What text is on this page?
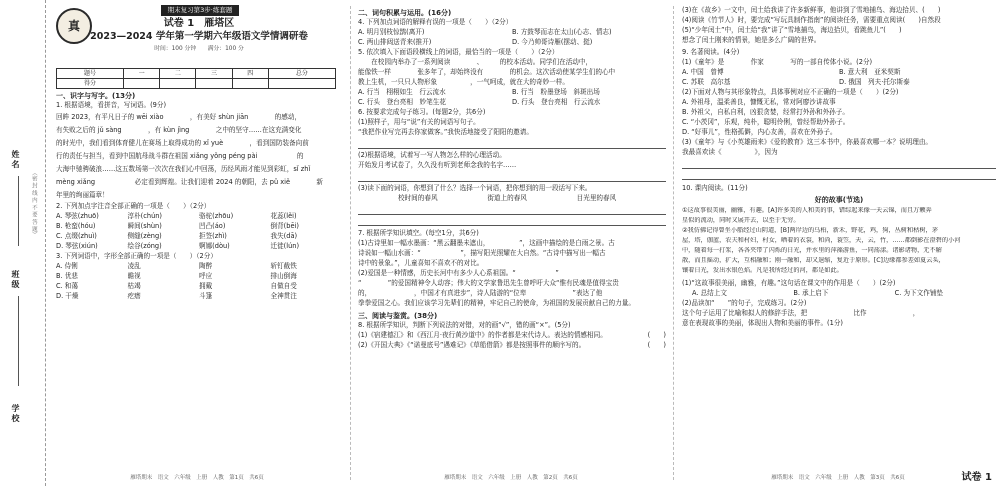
姓名
班级
学校
（密 封 线 内 不 要 答 题）
真
期末复习第3步·练套题
试卷 1　雁塔区
2023—2024 学年第一学期六年级语文学情调研卷
时间：100 分钟　　满分：100 分
题号	一	二	三	四	总分
得分					
一、识字与写字。(13分)
1. 根据语境，看拼音，写词语。(9分)
回眸 2023，有平凡日子的 wēi xiào　　　　，有美好 shùn jiān　　　　的感动，
有失败之后的 jǔ sàng　　　　，有 kùn jìng　　　　之中的坚守……在这充满变化
的时光中，我们看到体育健儿在赛场上取得成功的 xǐ yuè　　　　，看到国防装备向前
行的责任与担当，看到中国航母战斗群在祖国 xiǎng yǒng péng pài　　　　　　的
大海中驰骋破浪……这五数场第一次次在我们心中回荡，历经风雨才能见到彩虹，sǐ zhǐ
mèng xiǎng　　　　　　必定看到辉煌。让我们迎着 2024 的朝阳，去 pǔ xiě　　　　新
年里的绚丽篇章！
2. 下列加点字注音全部正确的一项是（　　）（2分）
A. 琴弦(zhuō)	淳朴(chún)	骆驼(zhōu)	花蕊(lěi)
B. 枪蛮(hóu)	瞬间(shùn)	凹凸(áo)	倒背(bēi)
C. 点缀(zhuì)	侧缝(zèng)	拒签(zhì)	我失(dā)
D. 琴弦(xiún)	绘谷(zóng)	婀娜(dòu)	迁徙(lún)
3. 下列词语中，字形全部正确的一项是（　　）（2分）
A. 侍俐	凌乱	陶醉	斩钉截铁
B. 优悲	瞻视	呼应	排山倒海
C. 和蔼	枯竭	拥戴	自做自受
D. 干燥	疙瘩	斗篷	全神贯注
雁塔期末　语文　六年级　上册　人教　第1页　共6页
二、词句积累与运用。(16分)
4. 下列加点词语的解释有误的一项是（　　）（2分）
A. 明月别枝惊鹊(离开)	B. 方鼓琴而志在太山(心志、情志)
C. 两山排闼送青来(推开)	D. 今乃帅哥诗雁(摆动、挺)
5. 依次填入下面语段横线上的词语，最恰当的一项是（　　）（2分）
　　在校园内举办了一系列阅读　　　　、　　　的校本活动。同学们在活动中，
能像铁一样　　　　张多年了，却始终没有　　　　的机会。这次活动使某学生们的心中
教上生机，一只只人物形象　　　　　，一气呵成，就在大的奇妙一样。
A. 行当　栩栩如生　行云流水	B. 行当　粉墨登场　斜斑出场
C. 行头　登台亮相　妙笔生花	D. 行头　登台亮相　行云流水
6. 按要求完成句子练习。(每题2分，共6分)
(1)照样子，用与“说”有关的词语写句子。
“我把作业写完再去你家做客。”我快活地接受了阳阳的邀请。
(2)根据语境，试着写一写人物怎么样的心理活动。
开始发月考试卷了，久久没有听到老师念我的名字……
(3)读下面的词语，你想到了什么？选择一个词语，把你想到的用一段话写下来。
校时间的春风	街道上的春风	目光里的春风
7. 根据所学知识填空。(每空1分，共6分)
(1)古诗里如一幅水墨画：“黑云翻墨未遮山，　　　　　”，这画中描绘的是白雨之景。古
诗说如一幅山水画：“　　　　　　”，描写阳光照耀在大自然。“古诗中描写出一幅古
诗中的景象。”，儿童喜知不喜欢不的对比。
(2)爱国是一种情感，历史长河中有多少人心系祖国。“　　　　　　”
“　　　　”的爱国精神令人动容；伟大的文学家鲁迅先生曾呼吁大众“惟有民魂是值得宝贵
的，　　　　　　　，中国才有真进步”，诗人陆游的“位卑　　　　　　　”表达了他
拳拳爱国之心。我们应该学习先辈们的精神，牢记自己的使命，为祖国的发展贡献自己的力量。
三、阅读与鉴赏。(38分)
8. 根据所学知识，判断下列说法的对错，对的画“√”，错的画“×”。(5分)
(1)《宿建德江》和《西江月·夜行黄沙道中》的作者都是宋代诗人。表达的情感相同。	(　　)
(2)《开国大典》《“诺曼底号”遇难记》《草船借箭》都是按照事件的顺序写的。	(　　)
雁塔期末　语文　六年级　上册　人教　第2页　共6页
(3)在《故乡》一文中，闰土给我讲了许多新鲜事，他讲到了雪地捕鸟、海边拾贝、(　　)
(4)阅读《竹节人》时，要完成“写玩具制作指南”的阅读任务，需要重点阅读(　　)自然段
(5)“少年闰土”中，闰土给“我”讲了“雪地捕鸟，海边拾贝，看跳鱼儿”(　　)
想念了闰土刚来的情景，她是多么广阔的世界。
9. 名著阅读。(4分)
(1)《童年》是　　　　作家　　　　写的一部自传体小说。(2分)
A. 中国　曾博	B. 意大利　亚米契斯
C. 苏联　高尔基	D. 俄国　列夫·托尔斯泰
(2)下面对人物与其形象特点，具体事例对应不正确的一项是（　　）(2分)
A. 外祖母，温柔善良，慷慨无私，常对阿廖沙讲故事
B. 外祖父，自私自利，凶狠贪婪，经常打外孙和外孙子。
C. “小茨冈”，乐观，纯朴，聪明伶俐，曾经帮助外孙子。
D. “好事儿”，性格孤僻，内心友善，喜欢在外孙子。
(3)《童年》与《小英雄雨来》《爱的教育》这三本书中，你最喜欢哪一本？说明理由。
我最喜欢读《　　　　　》，因为
10. 课内阅读。(11分)
好的故事(节选)
①这故事很美丽，幽雅，有趣。[A]许多美的人和美的事，错综起来像一天云锦，而且万颗奔
星似的流动，同时又展开去，以至于无穷。
②我仿佛记得曾坐小船经过山阴道，[B]两岸边的乌桕，新禾，野花，鸡，狗，丛树和枯树，茅
屋，塔，伽蓝，农夫和村妇，村女，晒着的衣裳，和尚，蓑笠，天，云，竹，……都倒影在澄碧的小河
中，随着每一打浆，各各夹带了闪烁的日光，并水里的萍藻游鱼，一同荡漾。诸影诸物，无不解
散，而且摇动，扩大，互相融和；刚一融和，却又退缩，复近于原形。[C]边缘都参差如夏云头，
镶着日光，发出水银色焰。凡是我所经过的河，都是如此。
(1)“这故事很美丽，幽雅，有趣。”这句话在课文中的作用是（　　）(2分)
A. 总结上文	B. 承上启下	C. 为下文作铺垫
(2)品读加“　　”的句子，完成练习。(2分)
这个句子运用了比喻和拟人的修辞手法，把　　　　　　　比作　　　　　　　，
意在表现故事的美丽，体现出人物和美丽的事件。(1分)
雁塔期末　语文　六年级　上册　人教　第3页　共6页	试卷 1
